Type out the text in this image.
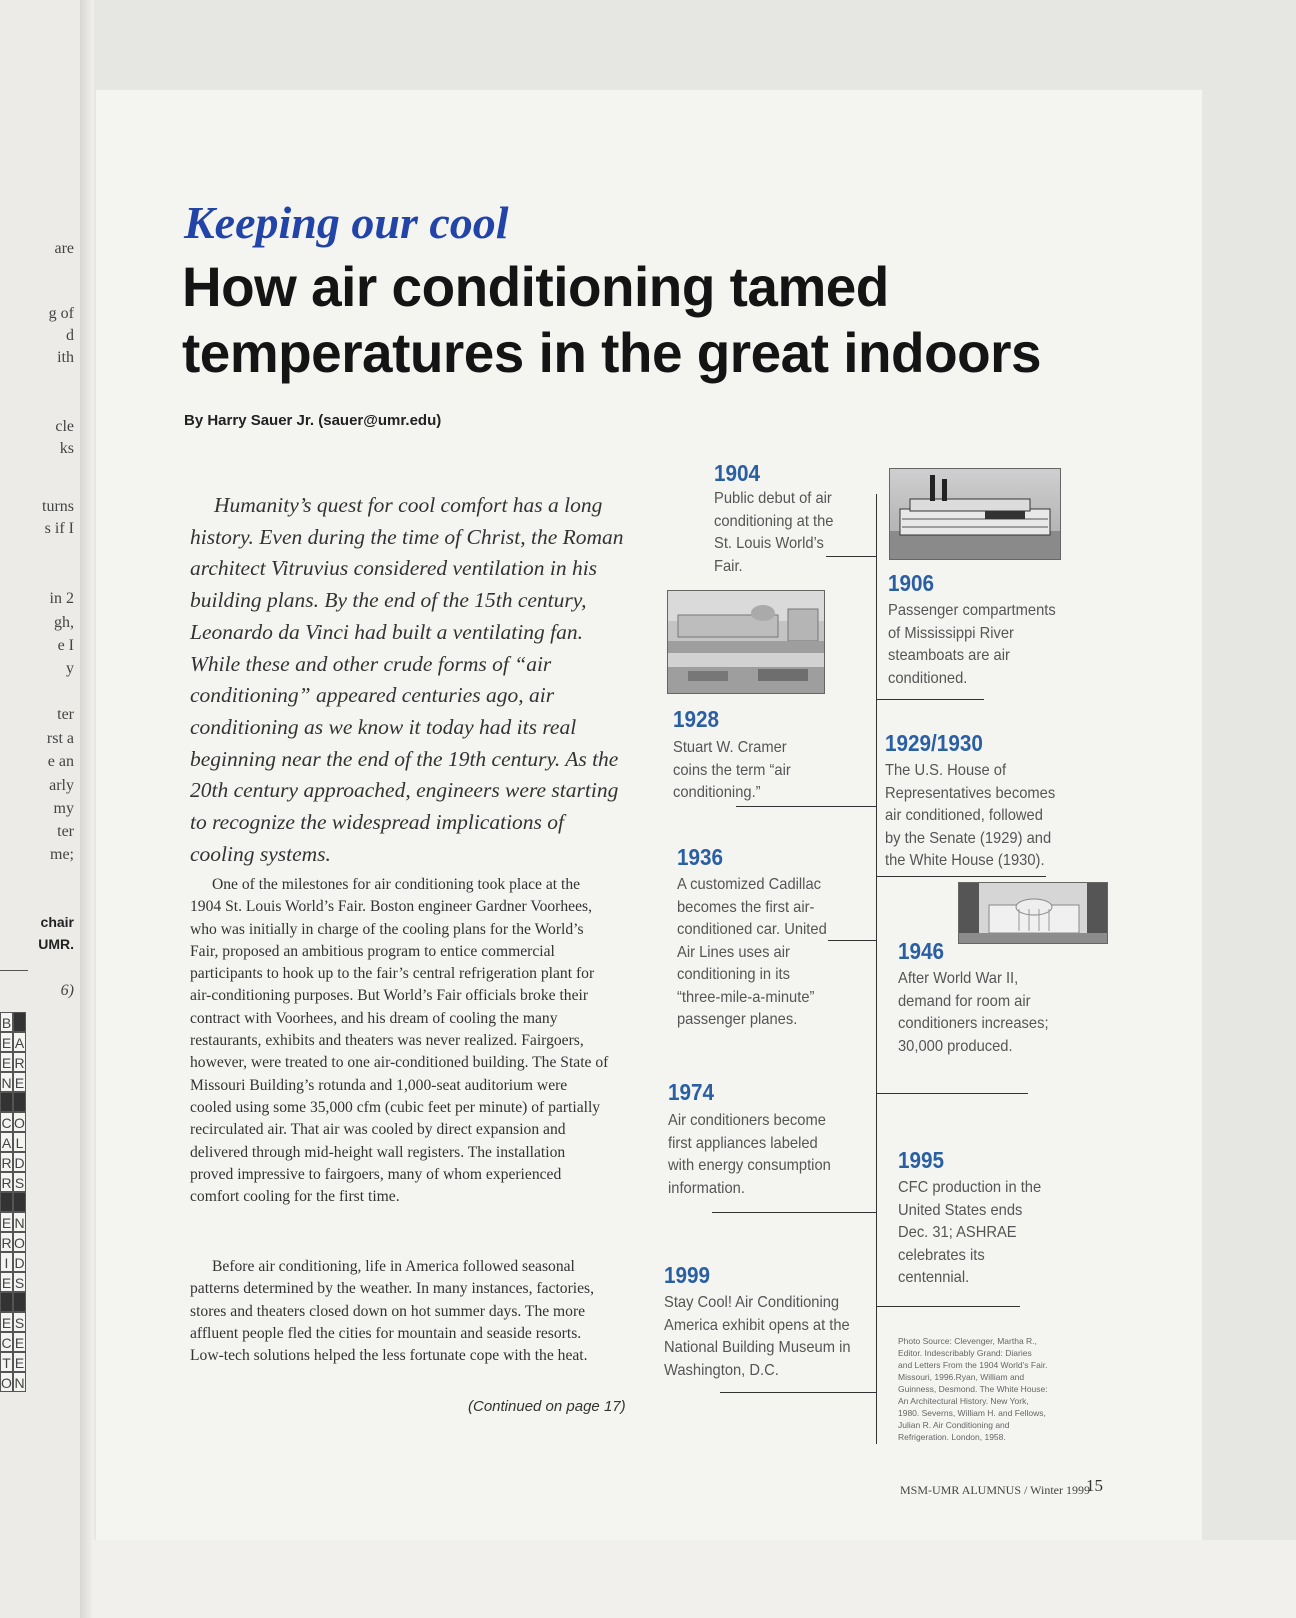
are
g of
d
ith
cle
ks
turns
s if I
in 2
gh,
e I
y
ter
rst a
e an
arly
my
ter
me;
chair
UMR.
6)
B
E A
E R
N E
C O
A L
R D
R S
E N
R O
I D
E S
E S
C E
T E
O N
Keeping our cool
How air conditioning tamed temperatures in the great indoors

By Harry Sauer Jr. (sauer@umr.edu)

Humanity’s quest for cool comfort has a long history. Even during the time of Christ, the Roman architect Vitruvius considered ventilation in his building plans. By the end of the 15th century, Leonardo da Vinci had built a ventilating fan. While these and other crude forms of “air conditioning” appeared centuries ago, air conditioning as we know it today had its real beginning near the end of the 19th century. As the 20th century approached, engineers were starting to recognize the widespread implications of cooling systems.

One of the milestones for air conditioning took place at the 1904 St. Louis World’s Fair. Boston engineer Gardner Voorhees, who was initially in charge of the cooling plans for the World’s Fair, proposed an ambitious program to entice commercial participants to hook up to the fair’s central refrigeration plant for air-conditioning purposes. But World’s Fair officials broke their contract with Voorhees, and his dream of cooling the many restaurants, exhibits and theaters was never realized. Fairgoers, however, were treated to one air-conditioned building. The State of Missouri Building’s rotunda and 1,000-seat auditorium were cooled using some 35,000 cfm (cubic feet per minute) of partially recirculated air. That air was cooled by direct expansion and delivered through mid-height wall registers. The installation proved impressive to fairgoers, many of whom experienced comfort cooling for the first time.

Before air conditioning, life in America followed seasonal patterns determined by the weather. In many instances, factories, stores and theaters closed down on hot summer days. The more affluent people fled the cities for mountain and seaside resorts. Low-tech solutions helped the less fortunate cope with the heat.

(Continued on page 17)

1904
Public debut of air conditioning at the St. Louis World’s Fair.
1906
Passenger compartments of Mississippi River steamboats are air conditioned.
1928
Stuart W. Cramer coins the term “air conditioning.”
1929/1930
The U.S. House of Representatives becomes air conditioned, followed by the Senate (1929) and the White House (1930).
1936
A customized Cadillac becomes the first air-conditioned car. United Air Lines uses air conditioning in its “three-mile-a-minute” passenger planes.
1946
After World War II, demand for room air conditioners increases; 30,000 produced.
1974
Air conditioners become first appliances labeled with energy consumption information.
1995
CFC production in the United States ends Dec. 31; ASHRAE celebrates its centennial.
1999
Stay Cool! Air Conditioning America exhibit opens at the National Building Museum in Washington, D.C.

Photo Source: Clevenger, Martha R., Editor. Indescribably Grand: Diaries and Letters From the 1904 World’s Fair. Missouri, 1996.Ryan, William and Guinness, Desmond. The White House: An Architectural History. New York, 1980. Severns, William H. and Fellows, Julian R. Air Conditioning and Refrigeration. London, 1958.

MSM-UMR ALUMNUS / Winter 1999

15
